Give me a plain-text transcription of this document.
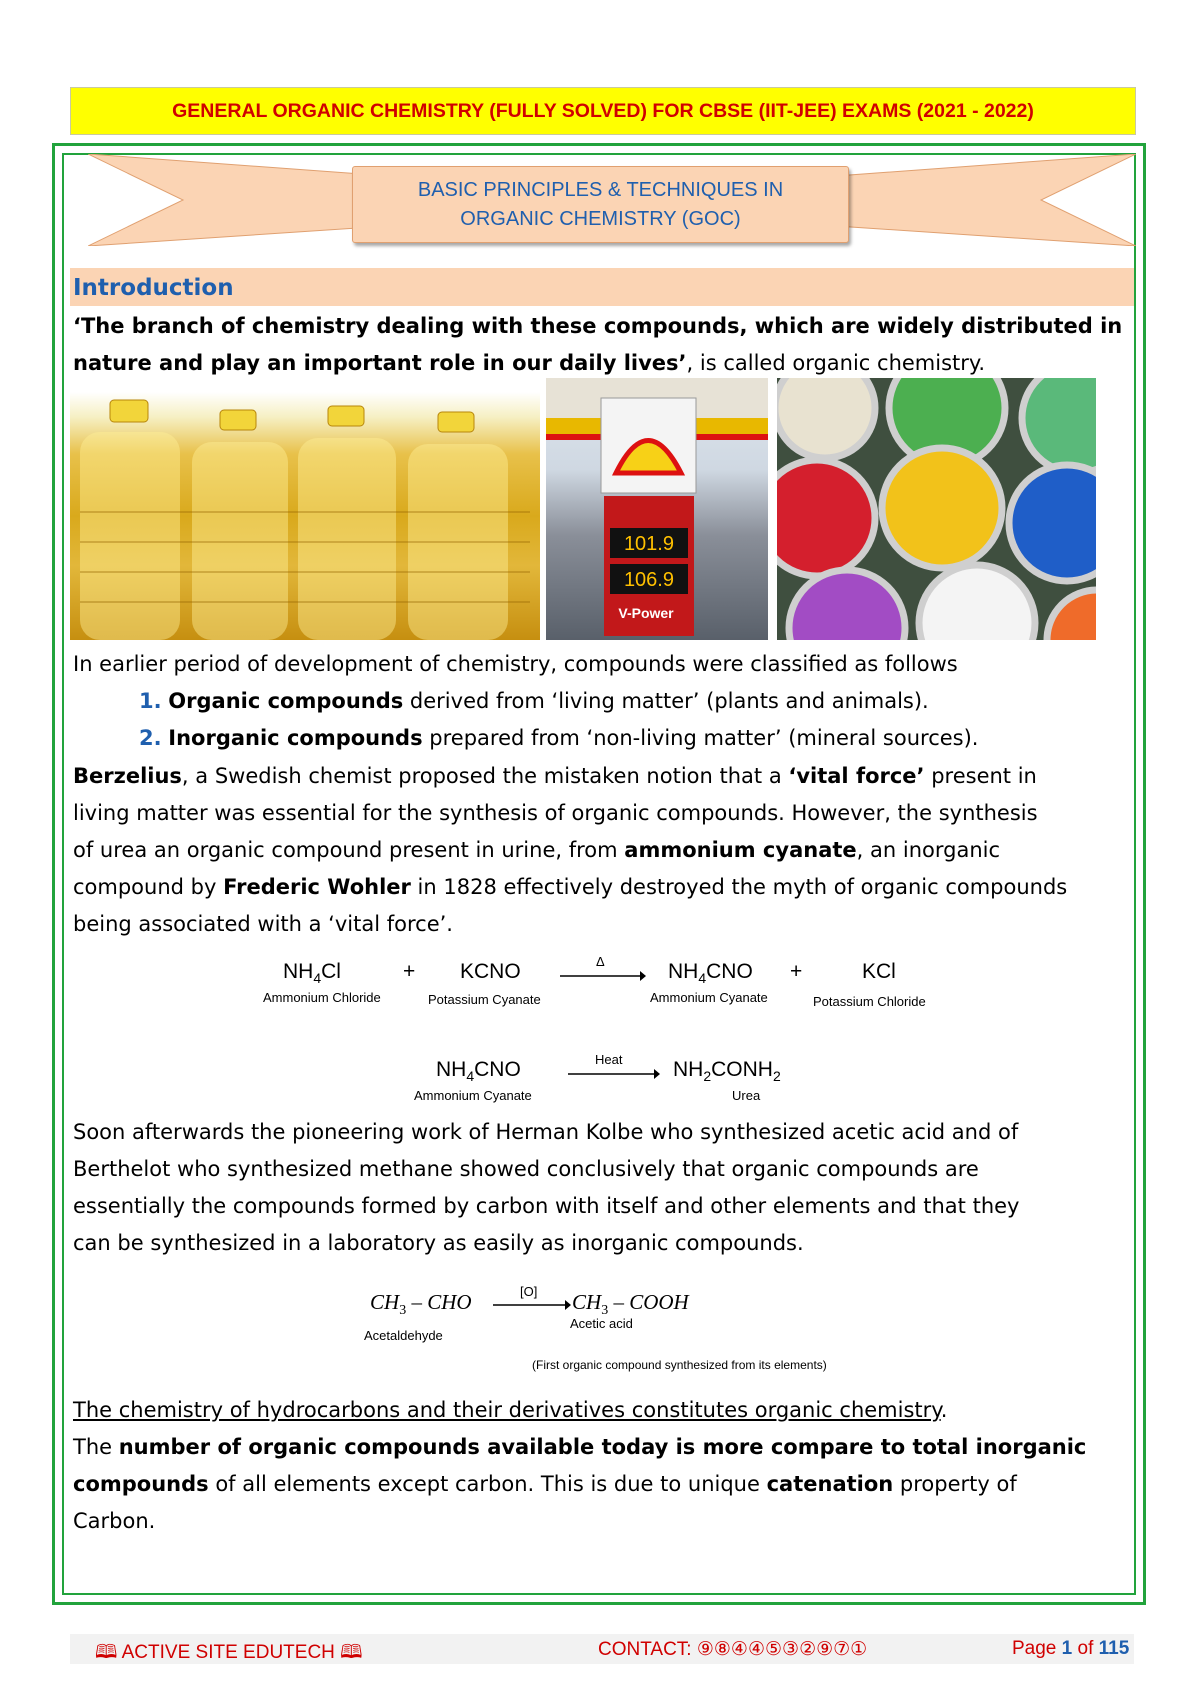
GENERAL ORGANIC CHEMISTRY (FULLY SOLVED) FOR CBSE (IIT-JEE) EXAMS (2021 - 2022)
BASIC PRINCIPLES & TECHNIQUES IN
ORGANIC CHEMISTRY (GOC)
Introduction
‘The branch of chemistry dealing with these compounds, which are widely distributed in
nature and play an important role in our daily lives’, is called organic chemistry.
101.9
106.9
V-Power
In earlier period of development of chemistry, compounds were classified as follows
1. Organic compounds derived from ‘living matter’ (plants and animals).
2. Inorganic compounds prepared from ‘non-living matter’ (mineral sources).
Berzelius, a Swedish chemist proposed the mistaken notion that a ‘vital force’ present in
living matter was essential for the synthesis of organic compounds. However, the synthesis
of urea an organic compound present in urine, from ammonium cyanate, an inorganic
compound by Frederic Wohler in 1828 effectively destroyed the myth of organic compounds
being associated with a ‘vital force’.
$NH_4Cl$	+ KCNO	Δ	$NH_4CNO$ +	KCl
Ammonium Chloride	Potassium Cyanate	Ammonium Cyanate	Potassium Chloride
$NH_4CNO$	Heat $NH_2CONH_2$
Ammonium Cyanate	Urea
Soon afterwards the pioneering work of Herman Kolbe who synthesized acetic acid and of
Berthelot who synthesized methane showed conclusively that organic compounds are
essentially the compounds formed by carbon with itself and other elements and that they
can be synthesized in a laboratory as easily as inorganic compounds.
$CH_3$ – CHO	[O] $CH_3$ – COOH
Acetaldehyde
Acetic acid
(First organic compound synthesized from its elements)
The chemistry of hydrocarbons and their derivatives constitutes organic chemistry.
The number of organic compounds available today is more compare to total inorganic
compounds of all elements except carbon. This is due to unique catenation property of
Carbon.
🕮 ACTIVE SITE EDUTECH 🕮	CONTACT: ⑨⑧④④⑤③②⑨⑦①	Page 1 of 115
